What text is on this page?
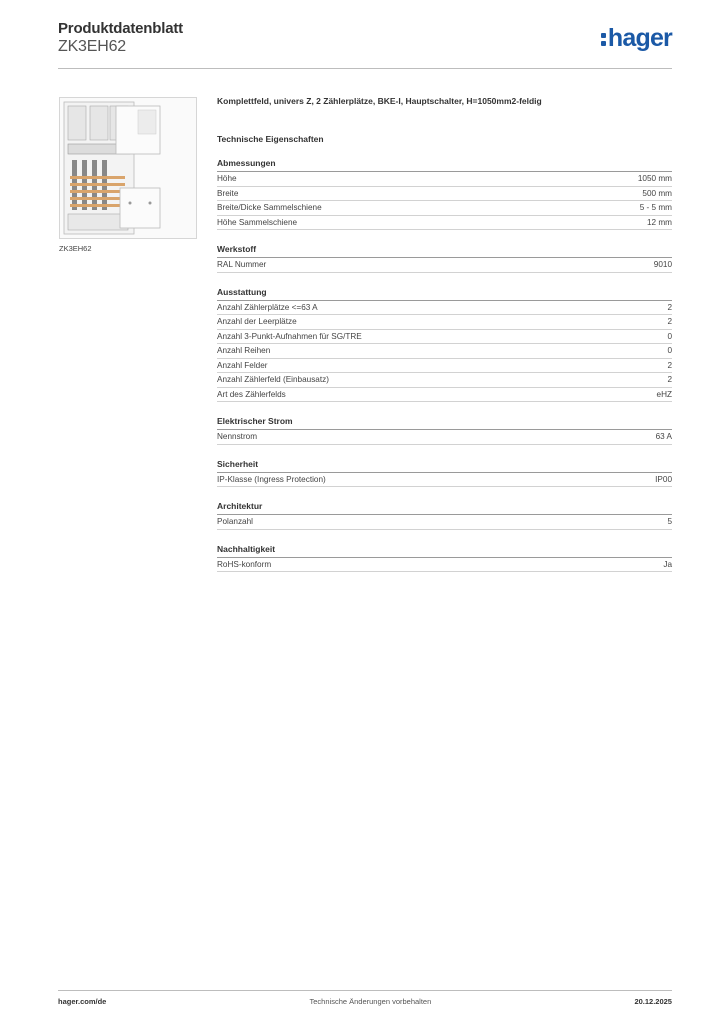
Produktdatenblatt
ZK3EH62	hager
ZK3EH62
Komplettfeld, univers Z, 2 Zählerplätze, BKE-I, Hauptschalter, H=1050mm2-feldig
Technische Eigenschaften
Abmessungen
Höhe	1050 mm
Breite	500 mm
Breite/Dicke Sammelschiene	5 - 5 mm
Höhe Sammelschiene	12 mm
Werkstoff
RAL Nummer	9010
Ausstattung
Anzahl Zählerplätze <=63 A	2
Anzahl der Leerplätze	2
Anzahl 3-Punkt-Aufnahmen für SG/TRE	0
Anzahl Reihen	0
Anzahl Felder	2
Anzahl Zählerfeld (Einbausatz)	2
Art des Zählerfelds	eHZ
Elektrischer Strom
Nennstrom	63 A
Sicherheit
IP-Klasse (Ingress Protection)	IP00
Architektur
Polanzahl	5
Nachhaltigkeit
RoHS-konform	Ja
hager.com/de	Technische Änderungen vorbehalten	20.12.2025
